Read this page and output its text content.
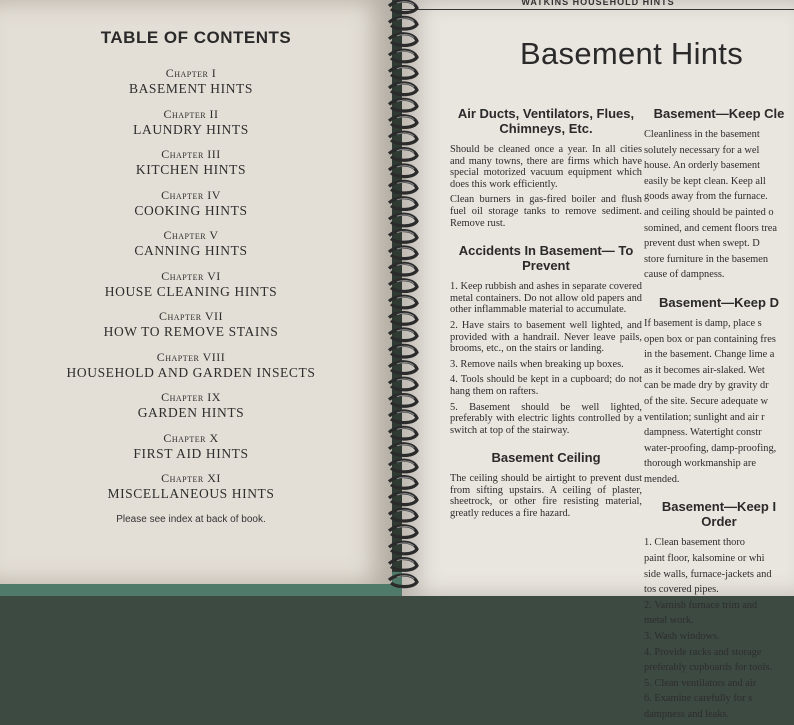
TABLE OF CONTENTS
Chapter I
BASEMENT HINTS
Chapter II
LAUNDRY HINTS
Chapter III
KITCHEN HINTS
Chapter IV
COOKING HINTS
Chapter V
CANNING HINTS
Chapter VI
HOUSE CLEANING HINTS
Chapter VII
HOW TO REMOVE STAINS
Chapter VIII
HOUSEHOLD AND GARDEN INSECTS
Chapter IX
GARDEN HINTS
Chapter X
FIRST AID HINTS
Chapter XI
MISCELLANEOUS HINTS
Please see index at back of book.
WATKINS HOUSEHOLD HINTS
Basement Hints
Air Ducts, Ventilators, Flues, Chimneys, Etc.

Should be cleaned once a year. In all cities and many towns, there are firms which have special motorized vacuum equipment which does this work efficiently.

Clean burners in gas-fired boiler and flush fuel oil storage tanks to remove sediment. Remove rust.

Accidents In Basement— To Prevent

1. Keep rubbish and ashes in separate covered metal containers. Do not allow old papers and other inflammable material to accumulate.

2. Have stairs to basement well lighted, and provided with a handrail. Never leave pails, brooms, etc., on the stairs or landing.

3. Remove nails when breaking up boxes.

4. Tools should be kept in a cupboard; do not hang them on rafters.

5. Basement should be well lighted, preferably with electric lights controlled by a switch at top of the stairway.

Basement Ceiling

The ceiling should be airtight to prevent dust from sifting upstairs. A ceiling of plaster, sheetrock, or other fire resisting material, greatly reduces a fire hazard.

Basement—Keep Cle
Cleanliness in the basement
solutely necessary for a wel
house. An orderly basement
easily be kept clean. Keep all
goods away from the furnace.
and ceiling should be painted o
somined, and cement floors trea
prevent dust when swept. D
store furniture in the basemen
cause of dampness.
Basement—Keep D
If basement is damp, place s
open box or pan containing fres
in the basement. Change lime a
as it becomes air-slaked. Wet
can be made dry by gravity dr
of the site. Secure adequate w
ventilation; sunlight and air r
dampness. Watertight constr
water-proofing, damp-proofing,
thorough workmanship are
mended.
Basement—Keep I
Order
1. Clean basement thoro
paint floor, kalsomine or whi
side walls, furnace-jackets and
tos covered pipes.
2. Varnish furnace trim and
metal work.
3. Wash windows.
4. Provide racks and storage
preferably cupboards for tools.
5. Clean ventilators and air
6. Examine carefully for s
dampness and leaks.
